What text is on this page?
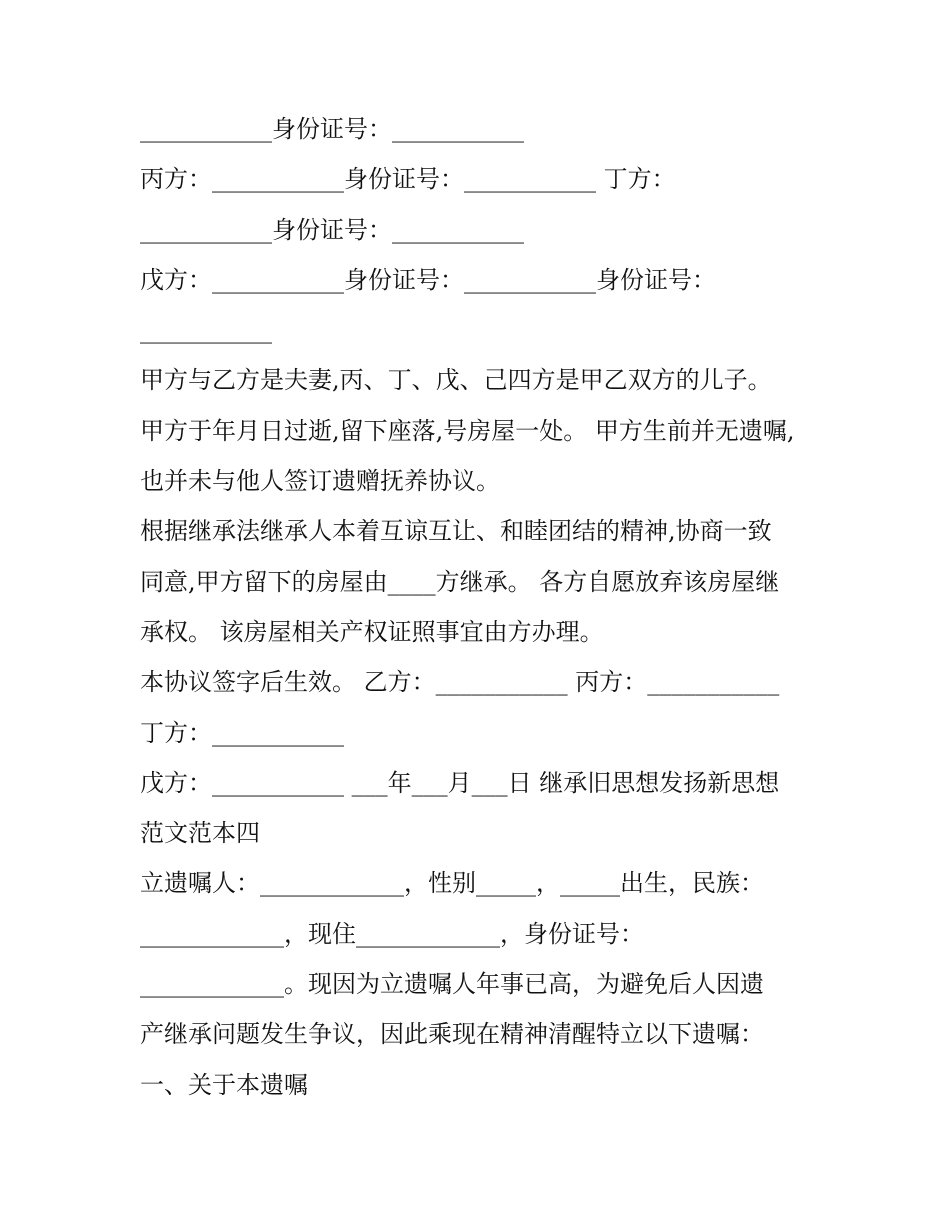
___________身份证号：___________
丙方：___________身份证号：___________ 丁方：
___________身份证号：___________
戊方：___________身份证号：___________身份证号：
___________
甲方与乙方是夫妻,丙、丁、戊、己四方是甲乙双方的儿子。
甲方于年月日过逝,留下座落,号房屋一处。 甲方生前并无遗嘱,
也并未与他人签订遗赠抚养协议。
根据继承法继承人本着互谅互让、和睦团结的精神,协商一致
同意,甲方留下的房屋由____方继承。 各方自愿放弃该房屋继
承权。 该房屋相关产权证照事宜由方办理。
本协议签字后生效。 乙方：___________ 丙方：___________
丁方：___________
戊方：___________ ___年___月___日 继承旧思想发扬新思想
范文范本四
立遗嘱人：____________，性别_____，_____出生，民族：
____________，现住____________，身份证号：
____________。现因为立遗嘱人年事已高，为避免后人因遗
产继承问题发生争议，因此乘现在精神清醒特立以下遗嘱：
一、关于本遗嘱
